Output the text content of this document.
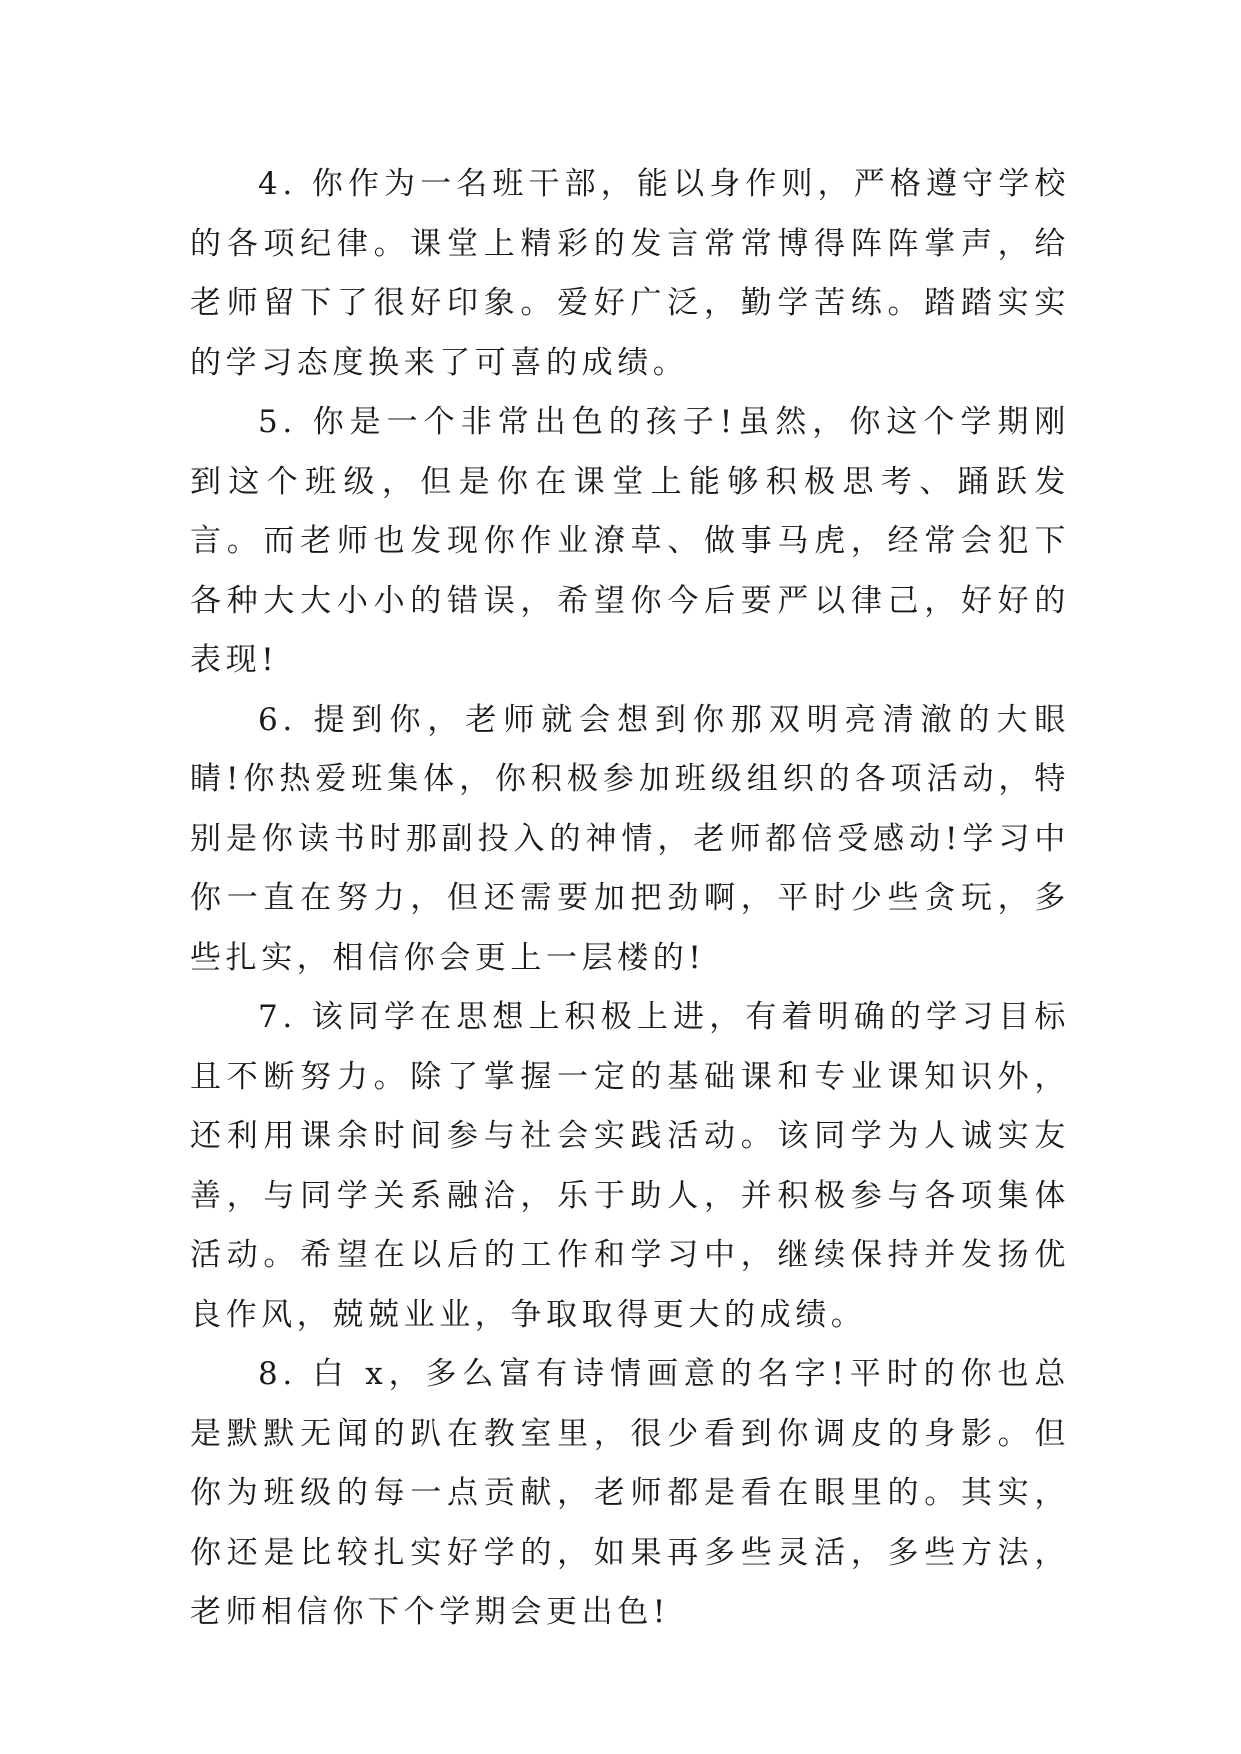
4. 你作为一名班干部，能以身作则，严格遵守学校的各项纪律。课堂上精彩的发言常常博得阵阵掌声，给老师留下了很好印象。爱好广泛，勤学苦练。踏踏实实的学习态度换来了可喜的成绩。

5. 你是一个非常出色的孩子!虽然，你这个学期刚到这个班级，但是你在课堂上能够积极思考、踊跃发言。而老师也发现你作业潦草、做事马虎，经常会犯下各种大大小小的错误，希望你今后要严以律己，好好的表现!

6. 提到你，老师就会想到你那双明亮清澈的大眼睛!你热爱班集体，你积极参加班级组织的各项活动，特别是你读书时那副投入的神情，老师都倍受感动!学习中你一直在努力，但还需要加把劲啊，平时少些贪玩，多些扎实，相信你会更上一层楼的!

7. 该同学在思想上积极上进，有着明确的学习目标且不断努力。除了掌握一定的基础课和专业课知识外，还利用课余时间参与社会实践活动。该同学为人诚实友善，与同学关系融洽，乐于助人，并积极参与各项集体活动。希望在以后的工作和学习中，继续保持并发扬优良作风，兢兢业业，争取取得更大的成绩。

8. 白 x，多么富有诗情画意的名字!平时的你也总是默默无闻的趴在教室里，很少看到你调皮的身影。但你为班级的每一点贡献，老师都是看在眼里的。其实，你还是比较扎实好学的，如果再多些灵活，多些方法，老师相信你下个学期会更出色!
